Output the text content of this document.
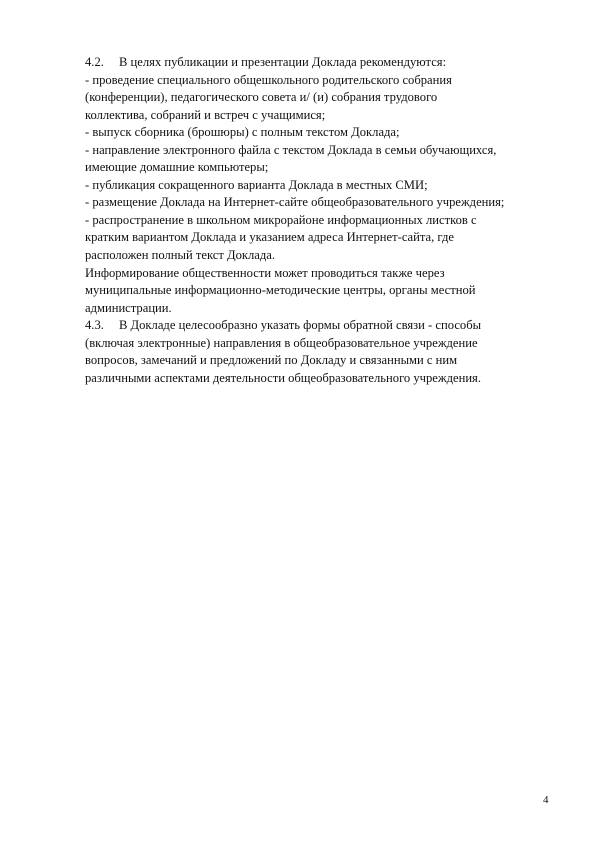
4.2. В целях публикации и презентации Доклада рекомендуются:
- проведение специального общешкольного родительского собрания
(конференции), педагогического совета и/ (и) собрания трудового
коллектива, собраний и встреч с учащимися;
- выпуск сборника (брошюры) с полным текстом Доклада;
- направление электронного файла с текстом Доклада в семьи обучающихся,
имеющие домашние компьютеры;
- публикация сокращенного варианта Доклада в местных СМИ;
- размещение Доклада на Интернет-сайте общеобразовательного учреждения;
- распространение в школьном микрорайоне информационных листков с
кратким вариантом Доклада и указанием адреса Интернет-сайта, где
расположен полный текст Доклада.
Информирование общественности может проводиться также через
муниципальные информационно-методические центры, органы местной
администрации.
4.3. В Докладе целесообразно указать формы обратной связи - способы
(включая электронные) направления в общеобразовательное учреждение
вопросов, замечаний и предложений по Докладу и связанными с ним
различными аспектами деятельности общеобразовательного учреждения.
4
